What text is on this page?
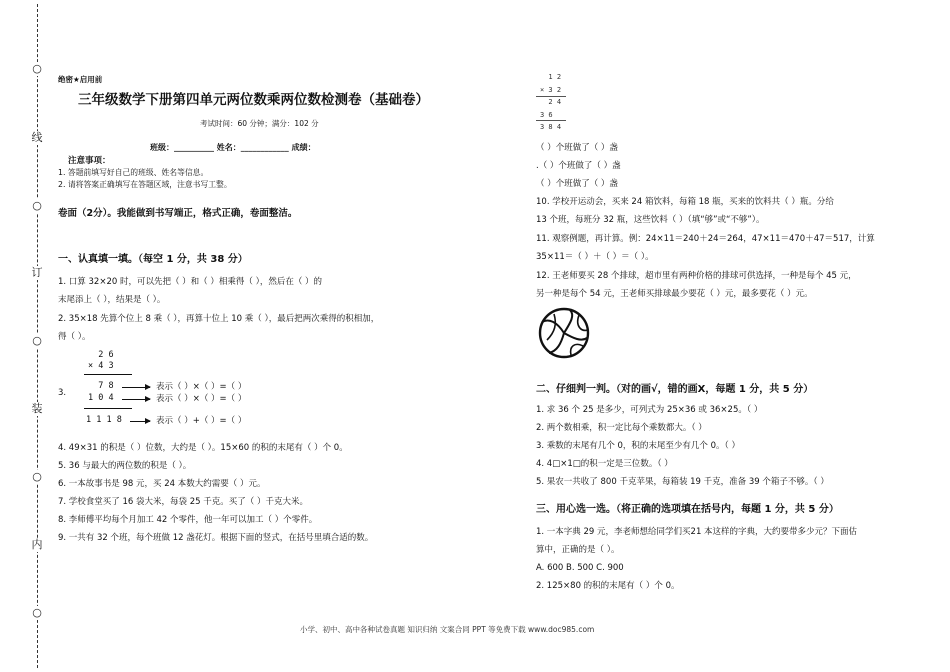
○
线
○
订
○
装
○
内
○
绝密★启用前
三年级数学下册第四单元两位数乘两位数检测卷（基础卷）
考试时间：60 分钟；满分：102 分
班级：__________ 姓名：____________ 成绩：
注意事项：
1. 答题前填写好自己的班级、姓名等信息。
2. 请将答案正确填写在答题区域，注意书写工整。
卷面（2分）。我能做到书写端正，格式正确，卷面整洁。
一、认真填一填。（每空 1 分，共 38 分）
1. 口算 32×20 时，可以先把（ ）和（ ）相乘得（ ），然后在（ ）的
末尾添上（ ），结果是（ ）。
2. 35×18 先算个位上 8 乘（ ），再算十位上 10 乘（ ），最后把两次乘得的积相加，
得（ ）。
2 6
× 4 3
3.
7 8
1 0 4
1 1 1 8
表示（ ）×（ ）=（ ）
表示（ ）×（ ）=（ ）
表示（ ）+（ ）=（ ）
4. 49×31 的积是（ ）位数，大约是（ ）。15×60 的积的末尾有（ ）个 0。
5. 36 与最大的两位数的积是（ ）。
6. 一本故事书是 98 元，买 24 本数大约需要（ ）元。
7. 学校食堂买了 16 袋大米，每袋 25 千克。买了（ ）千克大米。
8. 李师傅平均每个月加工 42 个零件，他一年可以加工（ ）个零件。
9. 一共有 32 个班，每个班做 12 盏花灯。根据下面的竖式，在括号里填合适的数。
1 2
× 3 2
2 4
3 6
3 8 4
（ ）个班做了（ ）盏
.（ ）个班做了（ ）盏
（ ）个班做了（ ）盏
10. 学校开运动会，买来 24 箱饮料，每箱 18 瓶，买来的饮料共（ ）瓶。分给
13 个班，每班分 32 瓶，这些饮料（ ）（填“够”或“不够”）。
11. 观察例题，再计算。例：24×11＝240＋24＝264，47×11＝470＋47＝517，计算
35×11＝（ ）＋（ ）＝（ ）。
12. 王老师要买 28 个排球，超市里有两种价格的排球可供选择，一种是每个 45 元，
另一种是每个 54 元，王老师买排球最少要花（ ）元，最多要花（ ）元。
二、仔细判一判。（对的画√，错的画X，每题 1 分，共 5 分）
1. 求 36 个 25 是多少，可列式为 25×36 或 36×25。（ ）
2. 两个数相乘，积一定比每个乘数都大。（ ）
3. 乘数的末尾有几个 0，积的末尾至少有几个 0。（ ）
4. 4□×1□的积一定是三位数。（ ）
5. 果农一共收了 800 千克苹果，每箱装 19 千克，准备 39 个箱子不够。（ ）
三、用心选一选。（将正确的选项填在括号内，每题 1 分，共 5 分）
1. 一本字典 29 元，李老师想给同学们买21 本这样的字典，大约要带多少元？下面估
算中，正确的是（ ）。
A. 600 B. 500 C. 900
2. 125×80 的积的末尾有（ ）个 0。
小学、初中、高中各种试卷真题 知识归纳 文案合同 PPT 等免费下载 www.doc985.com
